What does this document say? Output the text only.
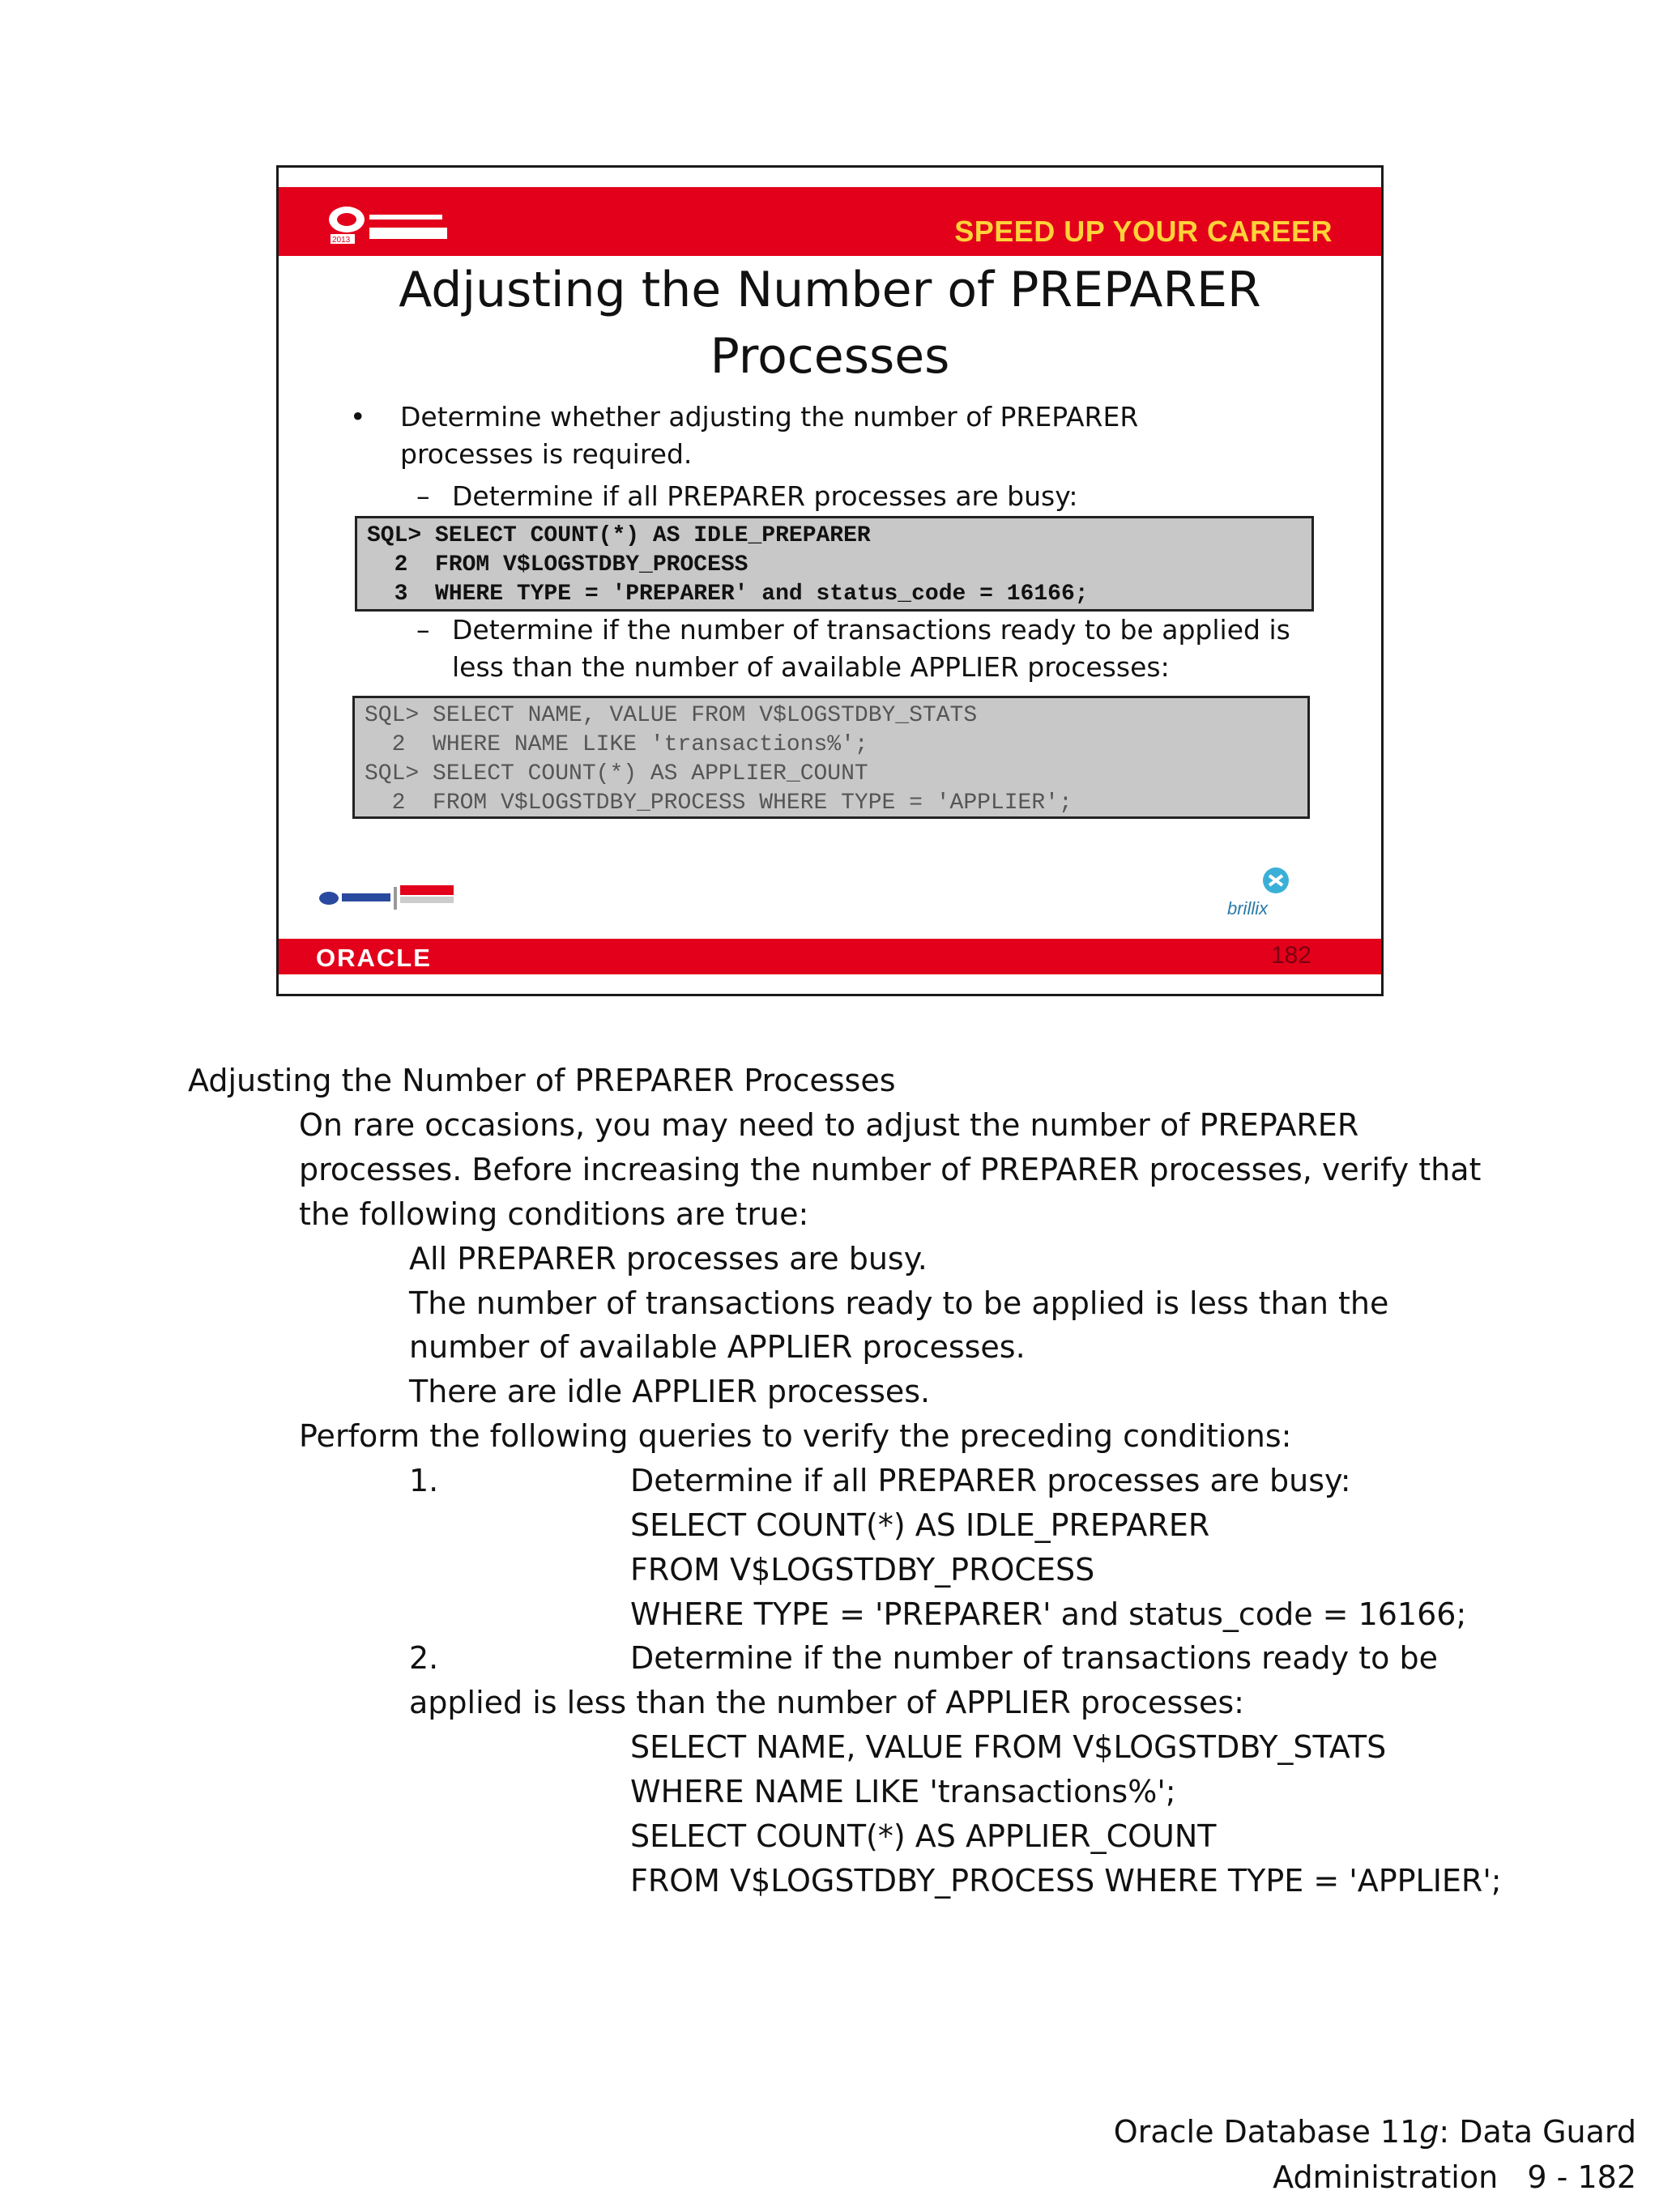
2013	SPEED UP YOUR CAREER
Adjusting the Number of PREPARER
Processes
• Determine whether adjusting the number of PREPARER processes is required.
– Determine if all PREPARER processes are busy:
SQL> SELECT COUNT(*) AS IDLE_PREPARER
2  FROM V$LOGSTDBY_PROCESS
3  WHERE TYPE = 'PREPARER' and status_code = 16166;
– Determine if the number of transactions ready to be applied is less than the number of available APPLIER processes:
SQL> SELECT NAME, VALUE FROM V$LOGSTDBY_STATS
2  WHERE NAME LIKE 'transactions%';
SQL> SELECT COUNT(*) AS APPLIER_COUNT
2  FROM V$LOGSTDBY_PROCESS WHERE TYPE = 'APPLIER';
brillix
ORACLE	182
Adjusting the Number of PREPARER Processes
On rare occasions, you may need to adjust the number of PREPARER
processes. Before increasing the number of PREPARER processes, verify that
the following conditions are true:
All PREPARER processes are busy.
The number of transactions ready to be applied is less than the
number of available APPLIER processes.
There are idle APPLIER processes.
Perform the following queries to verify the preceding conditions:
1.	Determine if all PREPARER processes are busy:
SELECT COUNT(*) AS IDLE_PREPARER
FROM V$LOGSTDBY_PROCESS
WHERE TYPE = 'PREPARER' and status_code = 16166;
2.	Determine if the number of transactions ready to be
applied is less than the number of APPLIER processes:
SELECT NAME, VALUE FROM V$LOGSTDBY_STATS
WHERE NAME LIKE 'transactions%';
SELECT COUNT(*) AS APPLIER_COUNT
FROM V$LOGSTDBY_PROCESS WHERE TYPE = 'APPLIER';
Oracle Database 11g: Data Guard
Administration   9 - 182
